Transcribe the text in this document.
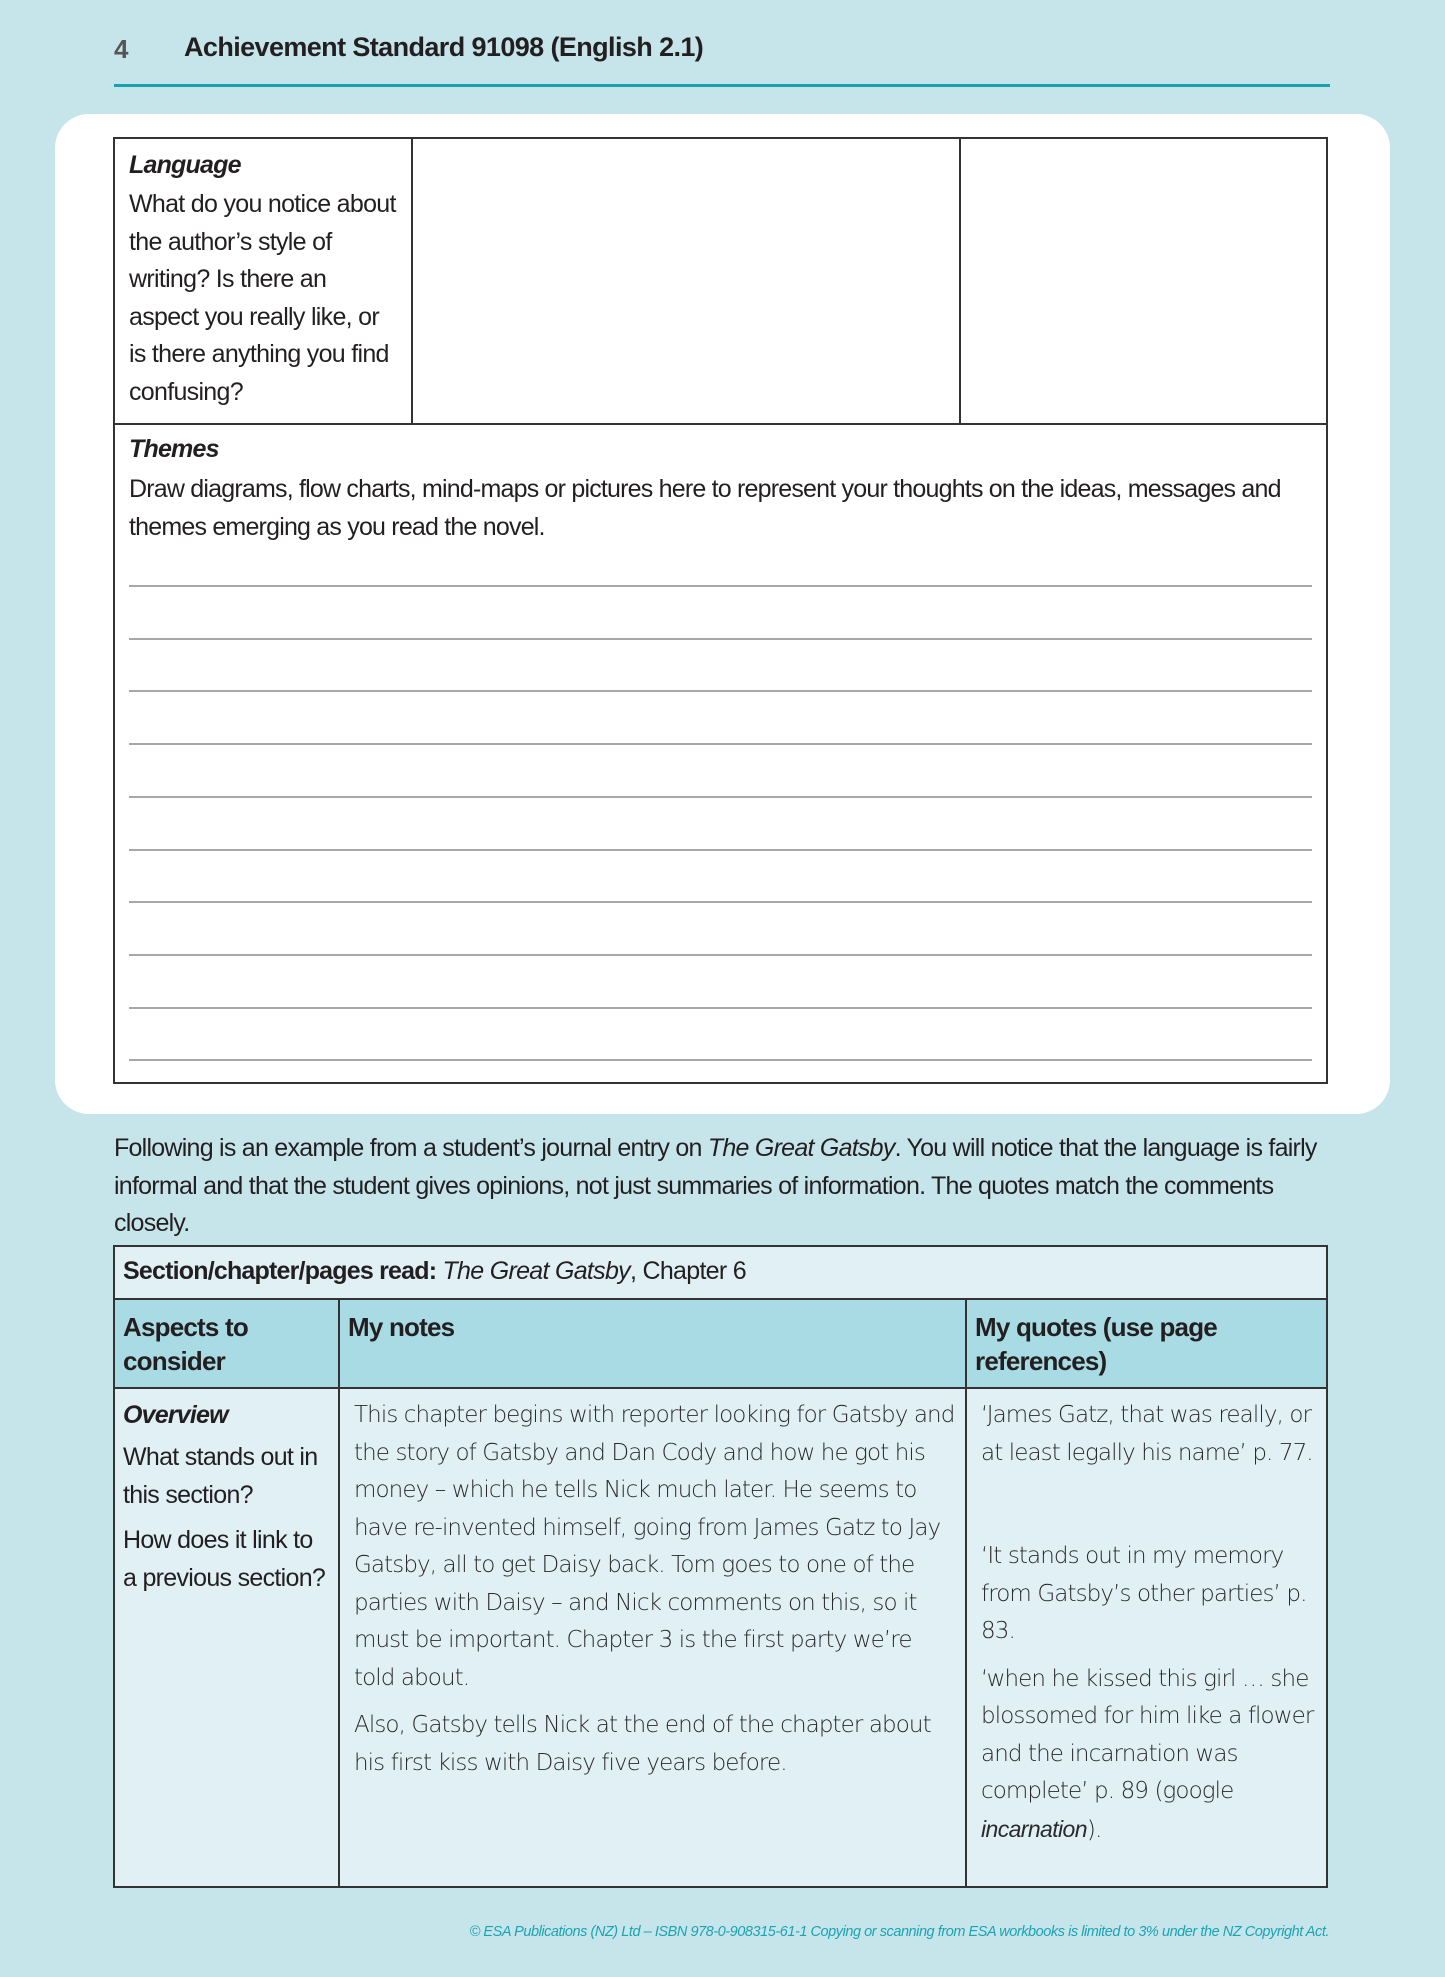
4 Achievement Standard 91098 (English 2.1)
Language
What do you notice about the author’s style of writing? Is there an aspect you really like, or is there anything you find confusing?
Themes
Draw diagrams, flow charts, mind-maps or pictures here to represent your thoughts on the ideas, messages and themes emerging as you read the novel.
Following is an example from a student’s journal entry on The Great Gatsby. You will notice that the language is fairly informal and that the student gives opinions, not just summaries of information. The quotes match the comments closely.
Section/chapter/pages read: The Great Gatsby, Chapter 6
Aspects to consider
My notes	My quotes (use page references)
Overview
What stands out in this section?
How does it link to a previous section?

This chapter begins with reporter looking for Gatsby and the story of Gatsby and Dan Cody and how he got his money – which he tells Nick much later. He seems to have re-invented himself, going from James Gatz to Jay Gatsby, all to get Daisy back. Tom goes to one of the parties with Daisy – and Nick comments on this, so it must be important. Chapter 3 is the first party we’re told about.

Also, Gatsby tells Nick at the end of the chapter about his first kiss with Daisy five years before.

‘James Gatz, that was really, or at least legally his name’ p. 77.

‘It stands out in my memory from Gatsby’s other parties’ p. 83.

‘when he kissed this girl … she blossomed for him like a flower and the incarnation was complete’ p. 89 (google incarnation).

© ESA Publications (NZ) Ltd – ISBN 978-0-908315-61-1 Copying or scanning from ESA workbooks is limited to 3% under the NZ Copyright Act.
